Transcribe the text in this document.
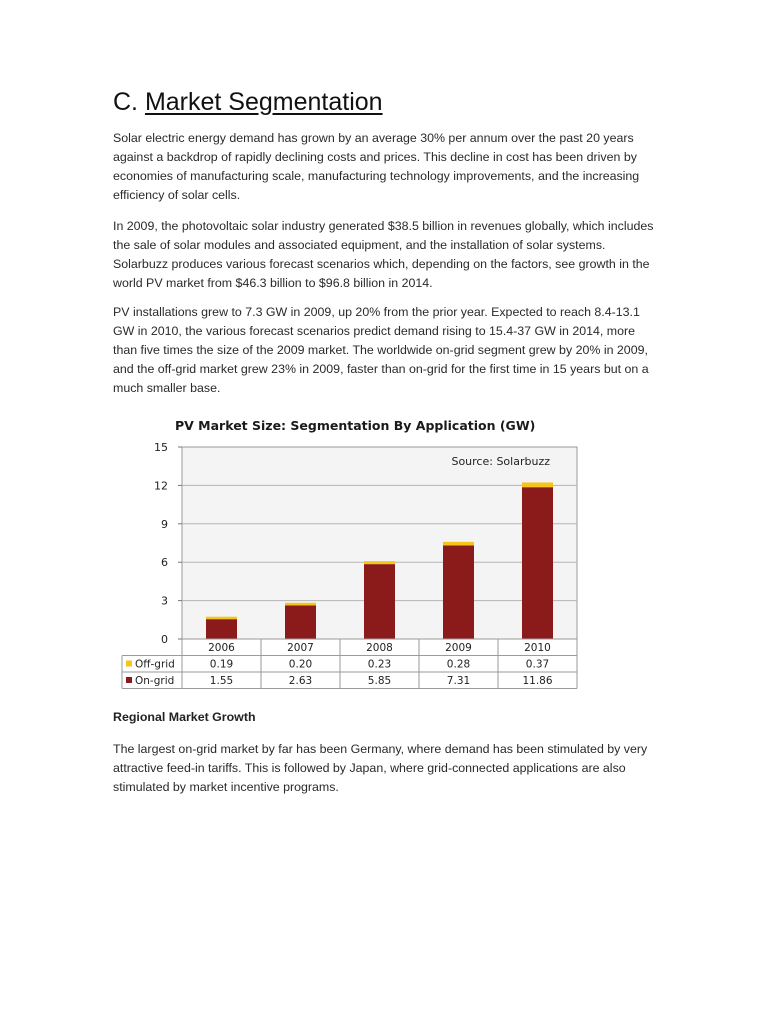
C. Market Segmentation

Solar electric energy demand has grown by an average 30% per annum over the past 20 years against a backdrop of rapidly declining costs and prices. This decline in cost has been driven by economies of manufacturing scale, manufacturing technology improvements, and the increasing efficiency of solar cells.

In 2009, the photovoltaic solar industry generated $38.5 billion in revenues globally, which includes the sale of solar modules and associated equipment, and the installation of solar systems. Solarbuzz produces various forecast scenarios which, depending on the factors, see growth in the world PV market from $46.3 billion to $96.8 billion in 2014.

PV installations grew to 7.3 GW in 2009, up 20% from the prior year. Expected to reach 8.4-13.1 GW in 2010, the various forecast scenarios predict demand rising to 15.4-37 GW in 2014, more than five times the size of the 2009 market. The worldwide on-grid segment grew by 20% in 2009, and the off-grid market grew 23% in 2009, faster than on-grid for the first time in 15 years but on a much smaller base.

Regional Market Growth

The largest on-grid market by far has been Germany, where demand has been stimulated by very attractive feed-in tariffs. This is followed by Japan, where grid-connected applications are also stimulated by market incentive programs.

PV Market Size: Segmentation By Application (GW)
0
3
6
9
12
15
Source: Solarbuzz
2006	2007	2008	2009	2010
Off-grid	0.19	0.20	0.23	0.28	0.37
On-grid	1.55	2.63	5.85	7.31	11.86
